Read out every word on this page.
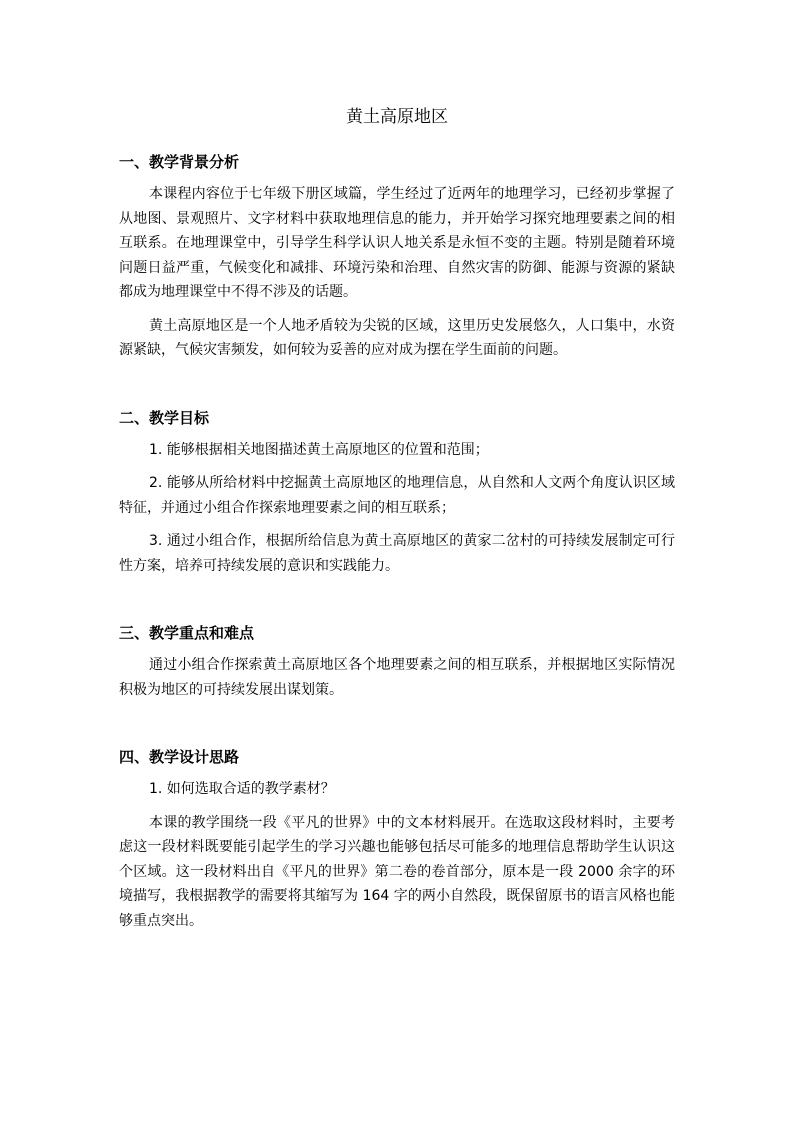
黄土高原地区
一、教学背景分析

本课程内容位于七年级下册区域篇，学生经过了近两年的地理学习，已经初步掌握了从地图、景观照片、文字材料中获取地理信息的能力，并开始学习探究地理要素之间的相互联系。在地理课堂中，引导学生科学认识人地关系是永恒不变的主题。特别是随着环境问题日益严重，气候变化和减排、环境污染和治理、自然灾害的防御、能源与资源的紧缺都成为地理课堂中不得不涉及的话题。

黄土高原地区是一个人地矛盾较为尖锐的区域，这里历史发展悠久，人口集中，水资源紧缺，气候灾害频发，如何较为妥善的应对成为摆在学生面前的问题。

二、教学目标

1. 能够根据相关地图描述黄土高原地区的位置和范围；

2. 能够从所给材料中挖掘黄土高原地区的地理信息，从自然和人文两个角度认识区域特征，并通过小组合作探索地理要素之间的相互联系；

3. 通过小组合作，根据所给信息为黄土高原地区的黄家二岔村的可持续发展制定可行性方案，培养可持续发展的意识和实践能力。

三、教学重点和难点

通过小组合作探索黄土高原地区各个地理要素之间的相互联系，并根据地区实际情况积极为地区的可持续发展出谋划策。

四、教学设计思路

1. 如何选取合适的教学素材？

本课的教学围绕一段《平凡的世界》中的文本材料展开。在选取这段材料时，主要考虑这一段材料既要能引起学生的学习兴趣也能够包括尽可能多的地理信息帮助学生认识这个区域。这一段材料出自《平凡的世界》第二卷的卷首部分，原本是一段 2000 余字的环境描写，我根据教学的需要将其缩写为 164 字的两小自然段，既保留原书的语言风格也能够重点突出。
